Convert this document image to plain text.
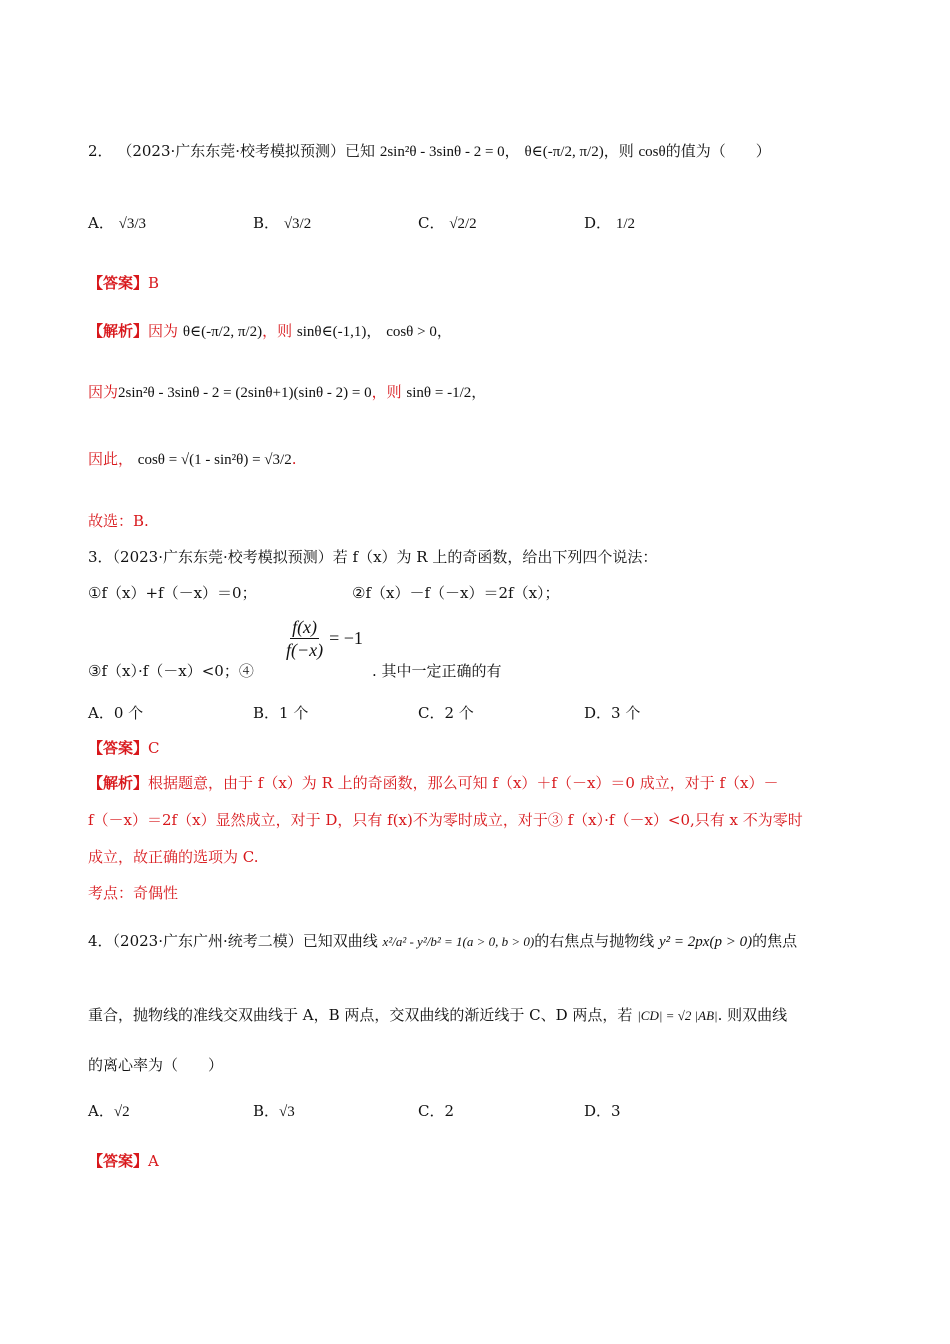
2． （2023·广东东莞·校考模拟预测）已知 2sin²θ - 3sinθ - 2 = 0， θ∈(-π/2, π/2)，则 cosθ的值为（　　）
A． √3/3	B． √3/2	C． √2/2	D． 1/2
【答案】B
【解析】因为 θ∈(-π/2, π/2)，则 sinθ∈(-1,1)， cosθ > 0，
因为2sin²θ - 3sinθ - 2 = (2sinθ+1)(sinθ - 2) = 0，则 sinθ = -1/2，
因此， cosθ = √(1 - sin²θ) = √3/2.
故选：B.
3．（2023·广东东莞·校考模拟预测）若 f（x）为 R 上的奇函数，给出下列四个说法：
①f（x）+f（－x）＝0；	②f（x）－f（－x）＝2f（x）；
③f（x）·f（－x）<0；④
$\frac{f(x)}{f(-x)} = -1$
. 其中一定正确的有
A．0 个	B．1 个	C．2 个	D．3 个
【答案】C
【解析】根据题意，由于 f（x）为 R 上的奇函数，那么可知 f（x）＋f（－x）＝0 成立，对于 f（x）－
f（－x）＝2f（x）显然成立，对于 D，只有 f(x)不为零时成立，对于③ f（x）·f（－x）<0,只有 x 不为零时
成立，故正确的选项为 C.
考点：奇偶性
4．（2023·广东广州·统考二模）已知双曲线 x²/a² - y²/b² = 1(a > 0, b > 0)的右焦点与抛物线 y² = 2px(p > 0)的焦点
重合，抛物线的准线交双曲线于 A，B 两点，交双曲线的渐近线于 C、D 两点，若 |CD| = √2 |AB|. 则双曲线
的离心率为（　　）
A．√2	B．√3	C．2	D．3
【答案】A
